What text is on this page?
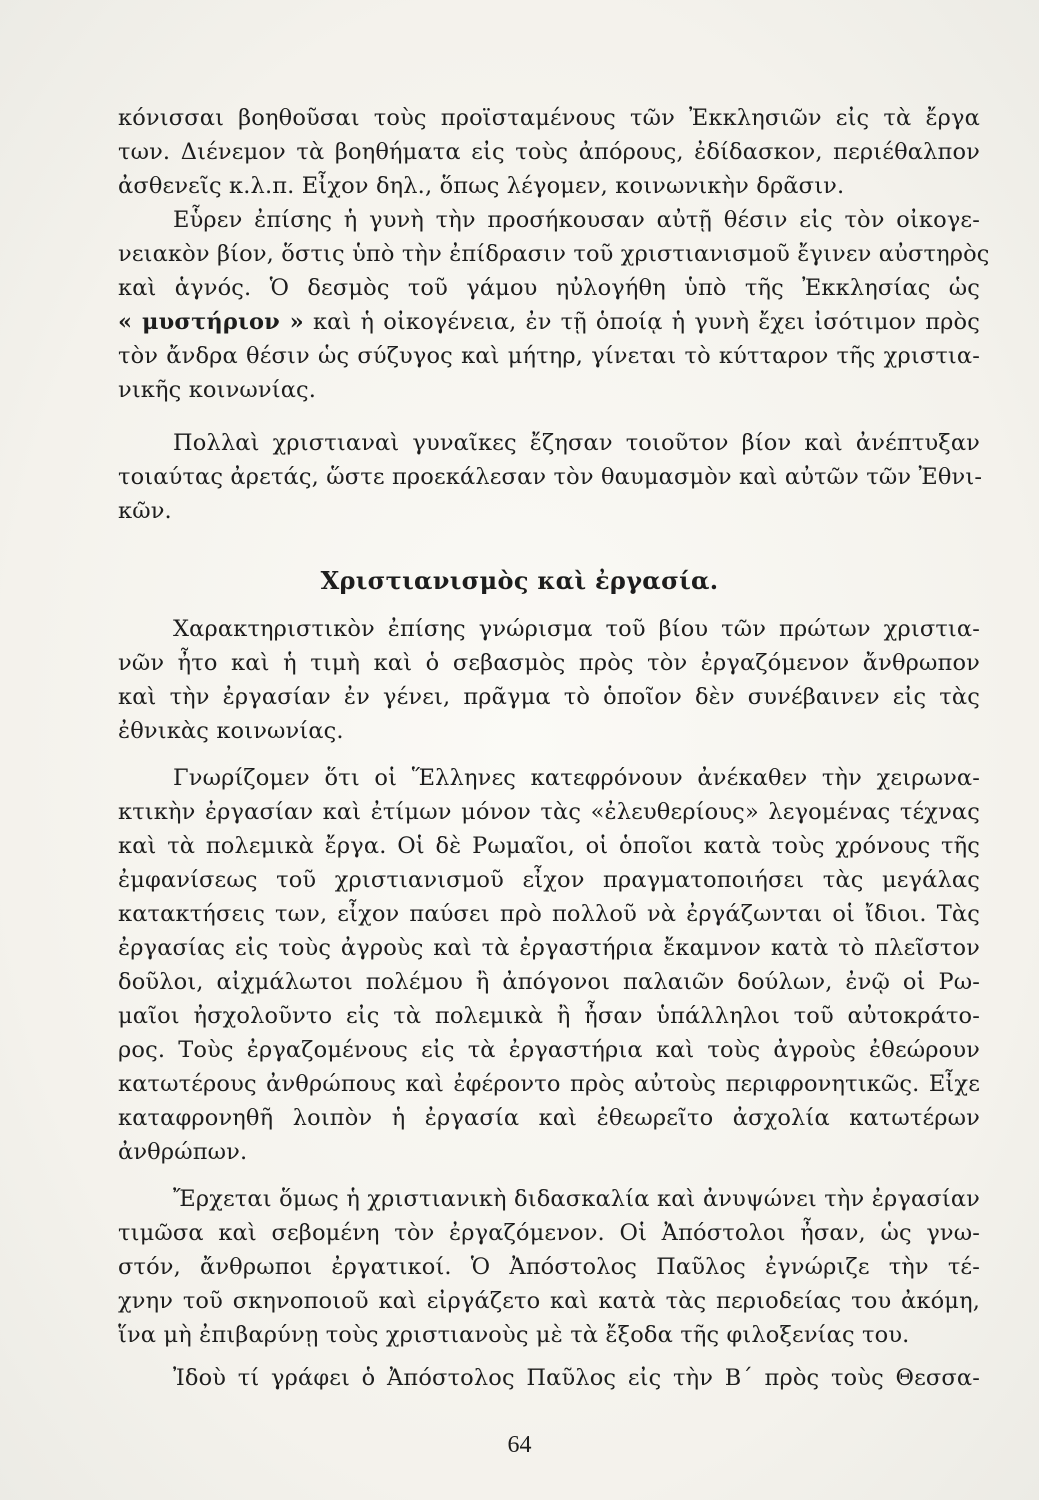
κόνισσαι βοηθοῦσαι τοὺς προϊσταμένους τῶν Ἐκκλησιῶν εἰς τὰ ἔργα
των. Διένεμον τὰ βοηθήματα εἰς τοὺς ἀπόρους, ἐδίδασκον, περιέθαλπον
ἀσθενεῖς κ.λ.π. Εἶχον δηλ., ὅπως λέγομεν, κοινωνικὴν δρᾶσιν.
Εὗρεν ἐπίσης ἡ γυνὴ τὴν προσήκουσαν αὐτῇ θέσιν εἰς τὸν οἰκογε-
νειακὸν βίον, ὅστις ὑπὸ τὴν ἐπίδρασιν τοῦ χριστιανισμοῦ ἔγινεν αὐστηρὸς
καὶ ἁγνός. Ὁ δεσμὸς τοῦ γάμου ηὐλογήθη ὑπὸ τῆς Ἐκκλησίας ὡς
« μυστήριον » καὶ ἡ οἰκογένεια, ἐν τῇ ὁποίᾳ ἡ γυνὴ ἔχει ἰσότιμον πρὸς
τὸν ἄνδρα θέσιν ὡς σύζυγος καὶ μήτηρ, γίνεται τὸ κύτταρον τῆς χριστια-
νικῆς κοινωνίας.
Πολλαὶ χριστιαναὶ γυναῖκες ἔζησαν τοιοῦτον βίον καὶ ἀνέπτυξαν
τοιαύτας ἀρετάς, ὥστε προεκάλεσαν τὸν θαυμασμὸν καὶ αὐτῶν τῶν Ἐθνι-
κῶν.
Χριστιανισμὸς καὶ ἐργασία.
Χαρακτηριστικὸν ἐπίσης γνώρισμα τοῦ βίου τῶν πρώτων χριστια-
νῶν ἦτο καὶ ἡ τιμὴ καὶ ὁ σεβασμὸς πρὸς τὸν ἐργαζόμενον ἄνθρωπον
καὶ τὴν ἐργασίαν ἐν γένει, πρᾶγμα τὸ ὁποῖον δὲν συνέβαινεν εἰς τὰς
ἐθνικὰς κοινωνίας.
Γνωρίζομεν ὅτι οἱ Ἕλληνες κατεφρόνουν ἀνέκαθεν τὴν χειρωνα-
κτικὴν ἐργασίαν καὶ ἐτίμων μόνον τὰς «ἐλευθερίους» λεγομένας τέχνας
καὶ τὰ πολεμικὰ ἔργα. Οἱ δὲ Ρωμαῖοι, οἱ ὁποῖοι κατὰ τοὺς χρόνους τῆς
ἐμφανίσεως τοῦ χριστιανισμοῦ εἶχον πραγματοποιήσει τὰς μεγάλας
κατακτήσεις των, εἶχον παύσει πρὸ πολλοῦ νὰ ἐργάζωνται οἱ ἴδιοι. Τὰς
ἐργασίας εἰς τοὺς ἀγροὺς καὶ τὰ ἐργαστήρια ἔκαμνον κατὰ τὸ πλεῖστον
δοῦλοι, αἰχμάλωτοι πολέμου ἢ ἀπόγονοι παλαιῶν δούλων, ἐνῷ οἱ Ρω-
μαῖοι ἠσχολοῦντο εἰς τὰ πολεμικὰ ἢ ἦσαν ὑπάλληλοι τοῦ αὐτοκράτο-
ρος. Τοὺς ἐργαζομένους εἰς τὰ ἐργαστήρια καὶ τοὺς ἀγροὺς ἐθεώρουν
κατωτέρους ἀνθρώπους καὶ ἐφέροντο πρὸς αὐτοὺς περιφρονητικῶς. Εἶχε
καταφρονηθῆ λοιπὸν ἡ ἐργασία καὶ ἐθεωρεῖτο ἀσχολία κατωτέρων
ἀνθρώπων.
Ἔρχεται ὅμως ἡ χριστιανικὴ διδασκαλία καὶ ἀνυψώνει τὴν ἐργασίαν
τιμῶσα καὶ σεβομένη τὸν ἐργαζόμενον. Οἱ Ἀπόστολοι ἦσαν, ὡς γνω-
στόν, ἄνθρωποι ἐργατικοί. Ὁ Ἀπόστολος Παῦλος ἐγνώριζε τὴν τέ-
χνην τοῦ σκηνοποιοῦ καὶ εἰργάζετο καὶ κατὰ τὰς περιοδείας του ἀκόμη,
ἵνα μὴ ἐπιβαρύνῃ τοὺς χριστιανοὺς μὲ τὰ ἔξοδα τῆς φιλοξενίας του.
Ἰδοὺ τί γράφει ὁ Ἀπόστολος Παῦλος εἰς τὴν Β΄ πρὸς τοὺς Θεσσα-
64
